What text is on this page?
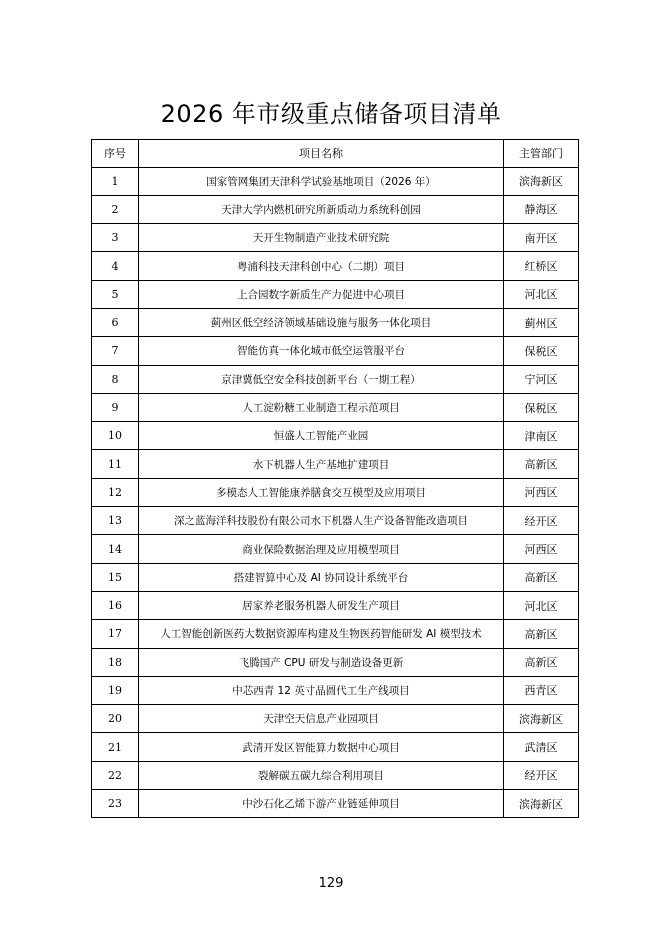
2026 年市级重点储备项目清单
序号	项目名称	主管部门
1	国家管网集团天津科学试验基地项目（2026 年）	滨海新区
2	天津大学内燃机研究所新质动力系统科创园	静海区
3	天开生物制造产业技术研究院	南开区
4	粤浦科技天津科创中心（二期）项目	红桥区
5	上合园数字新质生产力促进中心项目	河北区
6	蓟州区低空经济领域基础设施与服务一体化项目	蓟州区
7	智能仿真一体化城市低空运管服平台	保税区
8	京津冀低空安全科技创新平台（一期工程）	宁河区
9	人工淀粉糖工业制造工程示范项目	保税区
10	恒盛人工智能产业园	津南区
11	水下机器人生产基地扩建项目	高新区
12	多模态人工智能康养膳食交互模型及应用项目	河西区
13	深之蓝海洋科技股份有限公司水下机器人生产设备智能改造项目	经开区
14	商业保险数据治理及应用模型项目	河西区
15	搭建智算中心及 AI 协同设计系统平台	高新区
16	居家养老服务机器人研发生产项目	河北区
17	人工智能创新医药大数据资源库构建及生物医药智能研发 AI 模型技术	高新区
18	飞腾国产 CPU 研发与制造设备更新	高新区
19	中芯西青 12 英寸晶圆代工生产线项目	西青区
20	天津空天信息产业园项目	滨海新区
21	武清开发区智能算力数据中心项目	武清区
22	裂解碳五碳九综合利用项目	经开区
23	中沙石化乙烯下游产业链延伸项目	滨海新区
129
